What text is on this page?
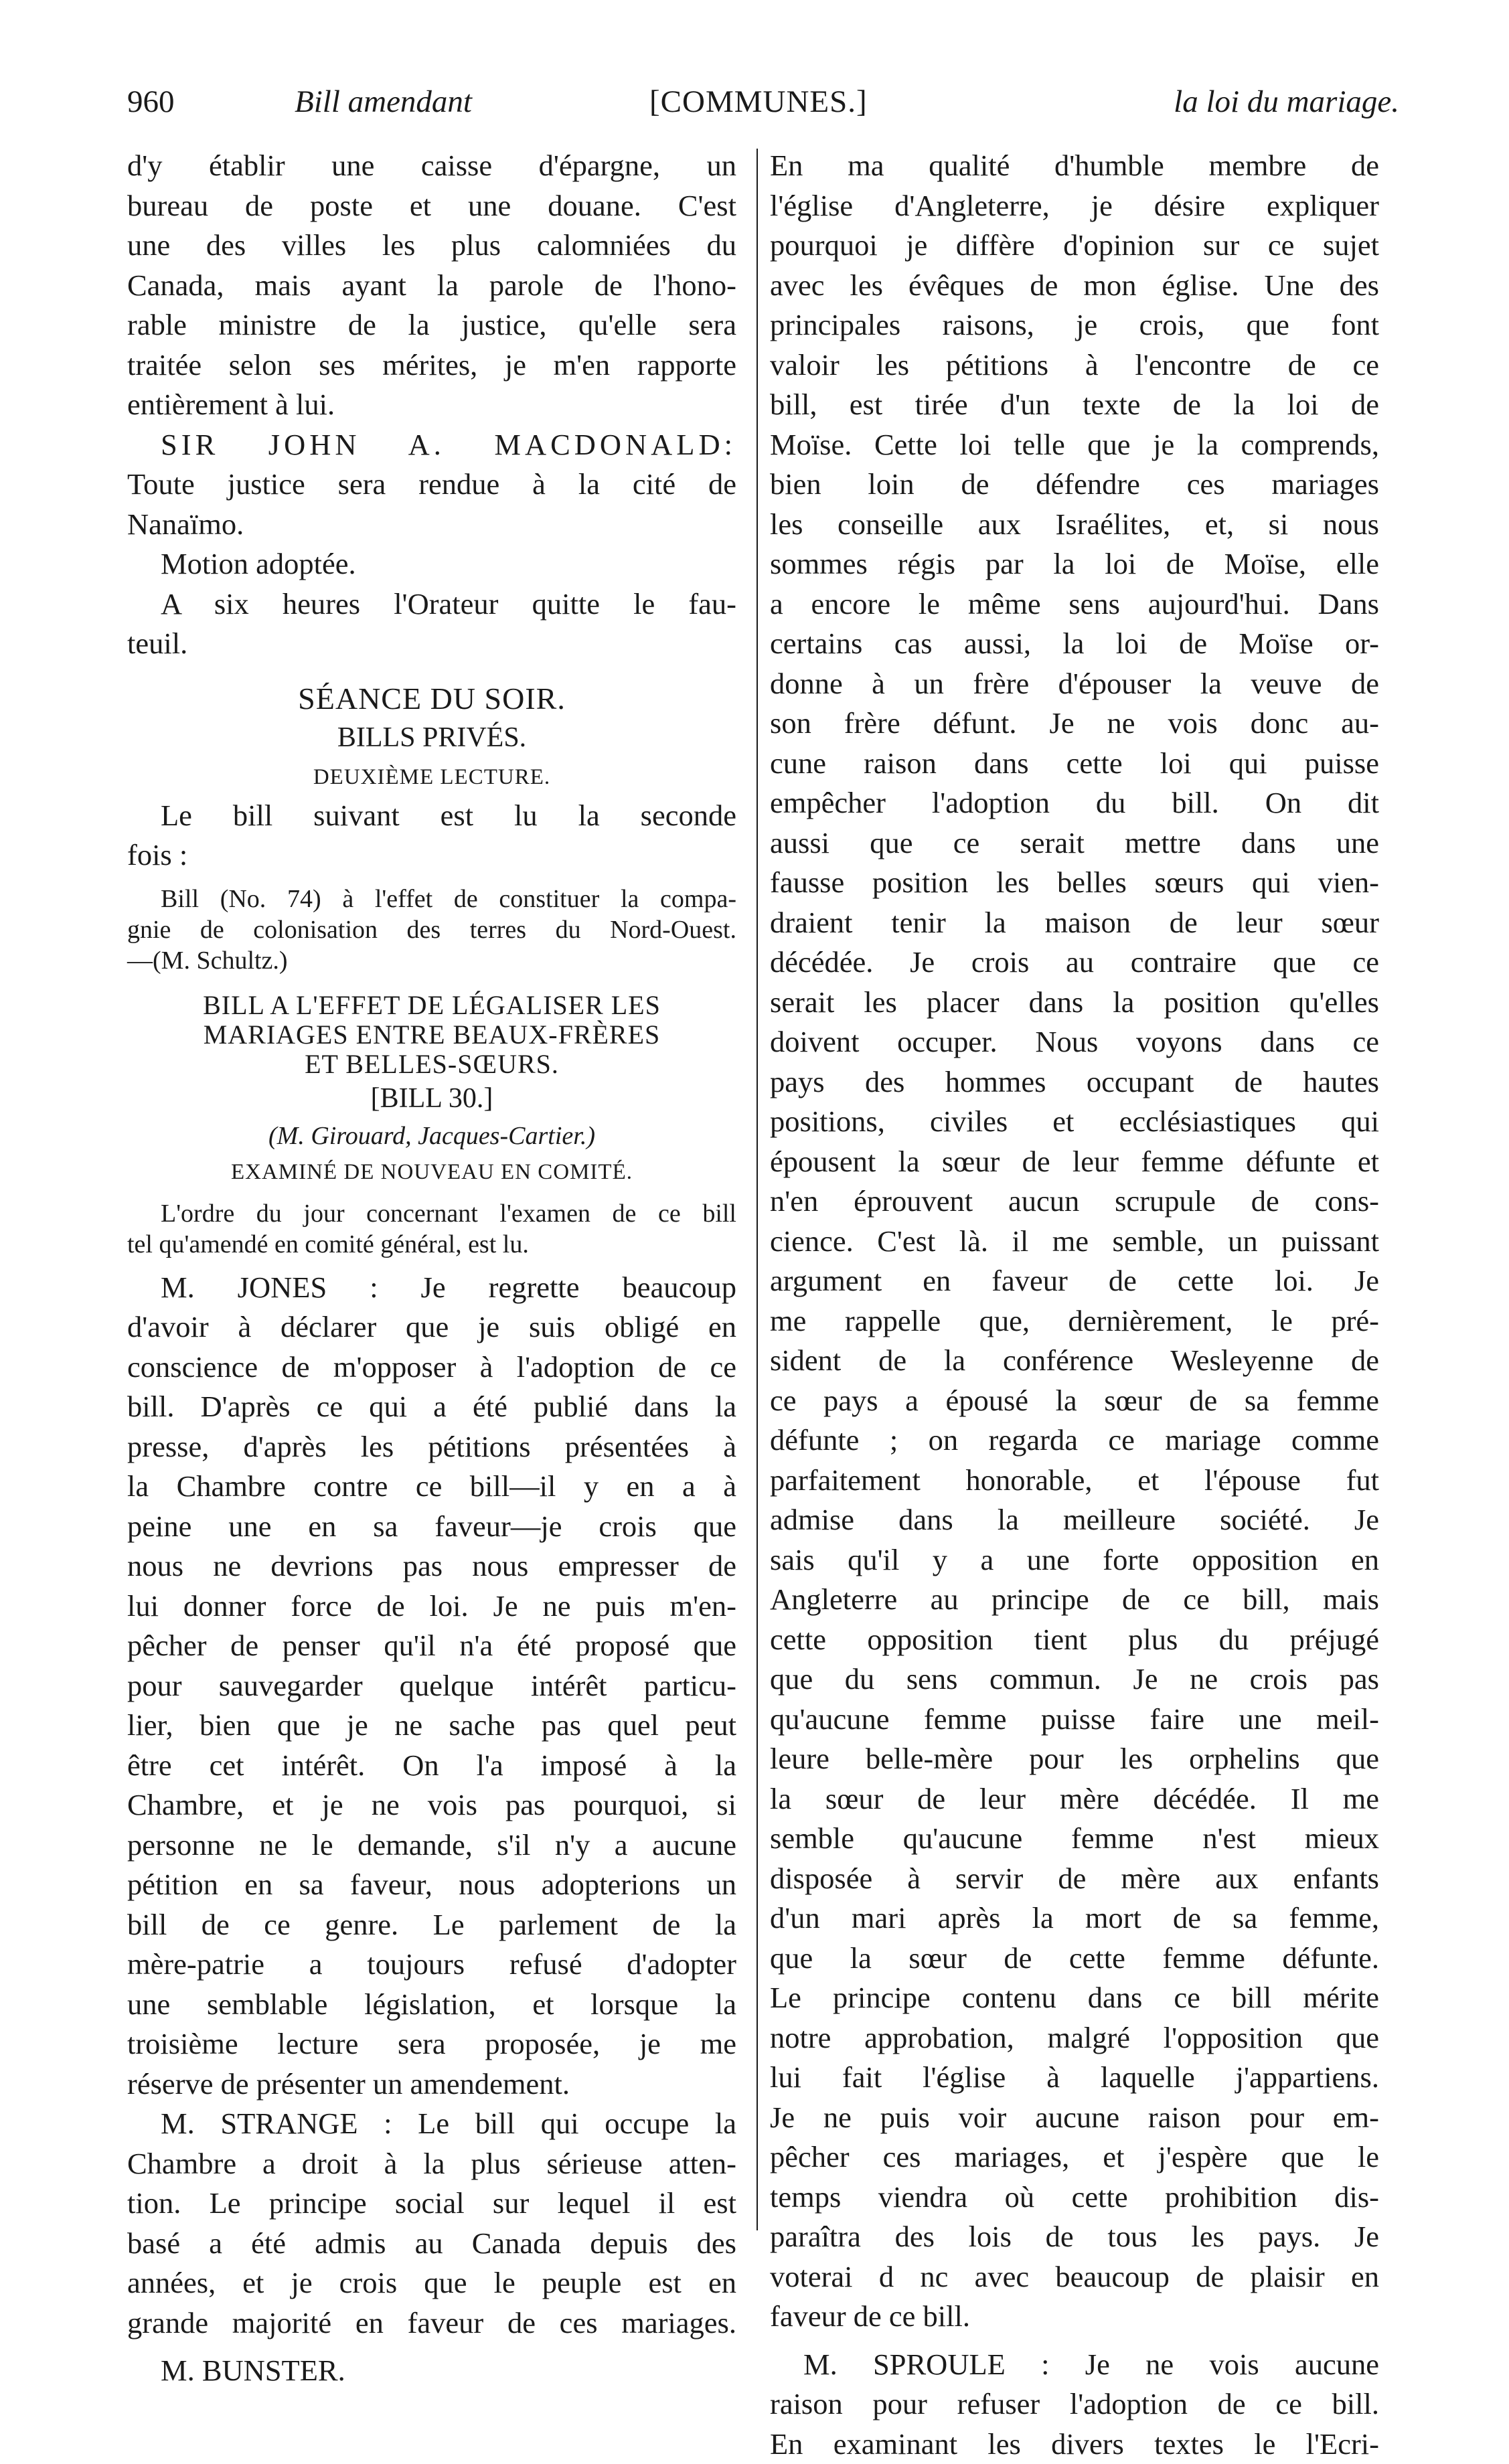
960	Bill amendant	[COMMUNES.]	la loi du mariage.

d'y établir une caisse d'épargne, un

bureau de poste et une douane. C'est

une des villes les plus calomniées du

Canada, mais ayant la parole de l'hono-

rable ministre de la justice, qu'elle sera

traitée selon ses mérites, je m'en rapporte

entièrement à lui.

SIR JOHN A. MACDONALD:

Toute justice sera rendue à la cité de

Nanaïmo.

Motion adoptée.

A six heures l'Orateur quitte le fau-

teuil.

SÉANCE DU SOIR.

BILLS PRIVÉS.

DEUXIÈME LECTURE.

Le bill suivant est lu la seconde

fois :

Bill (No. 74) à l'effet de constituer la compa-

gnie de colonisation des terres du Nord-Ouest.

—(M. Schultz.)

BILL A L'EFFET DE LÉGALISER LES

MARIAGES ENTRE BEAUX-FRÈRES

ET BELLES-SŒURS.

[BILL 30.]

(M. Girouard, Jacques-Cartier.)

EXAMINÉ DE NOUVEAU EN COMITÉ.

L'ordre du jour concernant l'examen de ce bill

tel qu'amendé en comité général, est lu.

M. JONES : Je regrette beaucoup

d'avoir à déclarer que je suis obligé en

conscience de m'opposer à l'adoption de ce

bill. D'après ce qui a été publié dans la

presse, d'après les pétitions présentées à

la Chambre contre ce bill—il y en a à

peine une en sa faveur—je crois que

nous ne devrions pas nous empresser de

lui donner force de loi. Je ne puis m'en-

pêcher de penser qu'il n'a été proposé que

pour sauvegarder quelque intérêt particu-

lier, bien que je ne sache pas quel peut

être cet intérêt. On l'a imposé à la

Chambre, et je ne vois pas pourquoi, si

personne ne le demande, s'il n'y a aucune

pétition en sa faveur, nous adopterions un

bill de ce genre. Le parlement de la

mère-patrie a toujours refusé d'adopter

une semblable législation, et lorsque la

troisième lecture sera proposée, je me

réserve de présenter un amendement.

M. STRANGE : Le bill qui occupe la

Chambre a droit à la plus sérieuse atten-

tion. Le principe social sur lequel il est

basé a été admis au Canada depuis des

années, et je crois que le peuple est en

grande majorité en faveur de ces mariages.

M. BUNSTER.

En ma qualité d'humble membre de

l'église d'Angleterre, je désire expliquer

pourquoi je diffère d'opinion sur ce sujet

avec les évêques de mon église. Une des

principales raisons, je crois, que font

valoir les pétitions à l'encontre de ce

bill, est tirée d'un texte de la loi de

Moïse. Cette loi telle que je la comprends,

bien loin de défendre ces mariages

les conseille aux Israélites, et, si nous

sommes régis par la loi de Moïse, elle

a encore le même sens aujourd'hui. Dans

certains cas aussi, la loi de Moïse or-

donne à un frère d'épouser la veuve de

son frère défunt. Je ne vois donc au-

cune raison dans cette loi qui puisse

empêcher l'adoption du bill. On dit

aussi que ce serait mettre dans une

fausse position les belles sœurs qui vien-

draient tenir la maison de leur sœur

décédée. Je crois au contraire que ce

serait les placer dans la position qu'elles

doivent occuper. Nous voyons dans ce

pays des hommes occupant de hautes

positions, civiles et ecclésiastiques qui

épousent la sœur de leur femme défunte et

n'en éprouvent aucun scrupule de cons-

cience. C'est là. il me semble, un puissant

argument en faveur de cette loi. Je

me rappelle que, dernièrement, le pré-

sident de la conférence Wesleyenne de

ce pays a épousé la sœur de sa femme

défunte ; on regarda ce mariage comme

parfaitement honorable, et l'épouse fut

admise dans la meilleure société. Je

sais qu'il y a une forte opposition en

Angleterre au principe de ce bill, mais

cette opposition tient plus du préjugé

que du sens commun. Je ne crois pas

qu'aucune femme puisse faire une meil-

leure belle-mère pour les orphelins que

la sœur de leur mère décédée. Il me

semble qu'aucune femme n'est mieux

disposée à servir de mère aux enfants

d'un mari après la mort de sa femme,

que la sœur de cette femme défunte.

Le principe contenu dans ce bill mérite

notre approbation, malgré l'opposition que

lui fait l'église à laquelle j'appartiens.

Je ne puis voir aucune raison pour em-

pêcher ces mariages, et j'espère que le

temps viendra où cette prohibition dis-

paraîtra des lois de tous les pays. Je

voterai d nc avec beaucoup de plaisir en

faveur de ce bill.

M. SPROULE : Je ne vois aucune

raison pour refuser l'adoption de ce bill.

En examinant les divers textes le l'Ecri-
